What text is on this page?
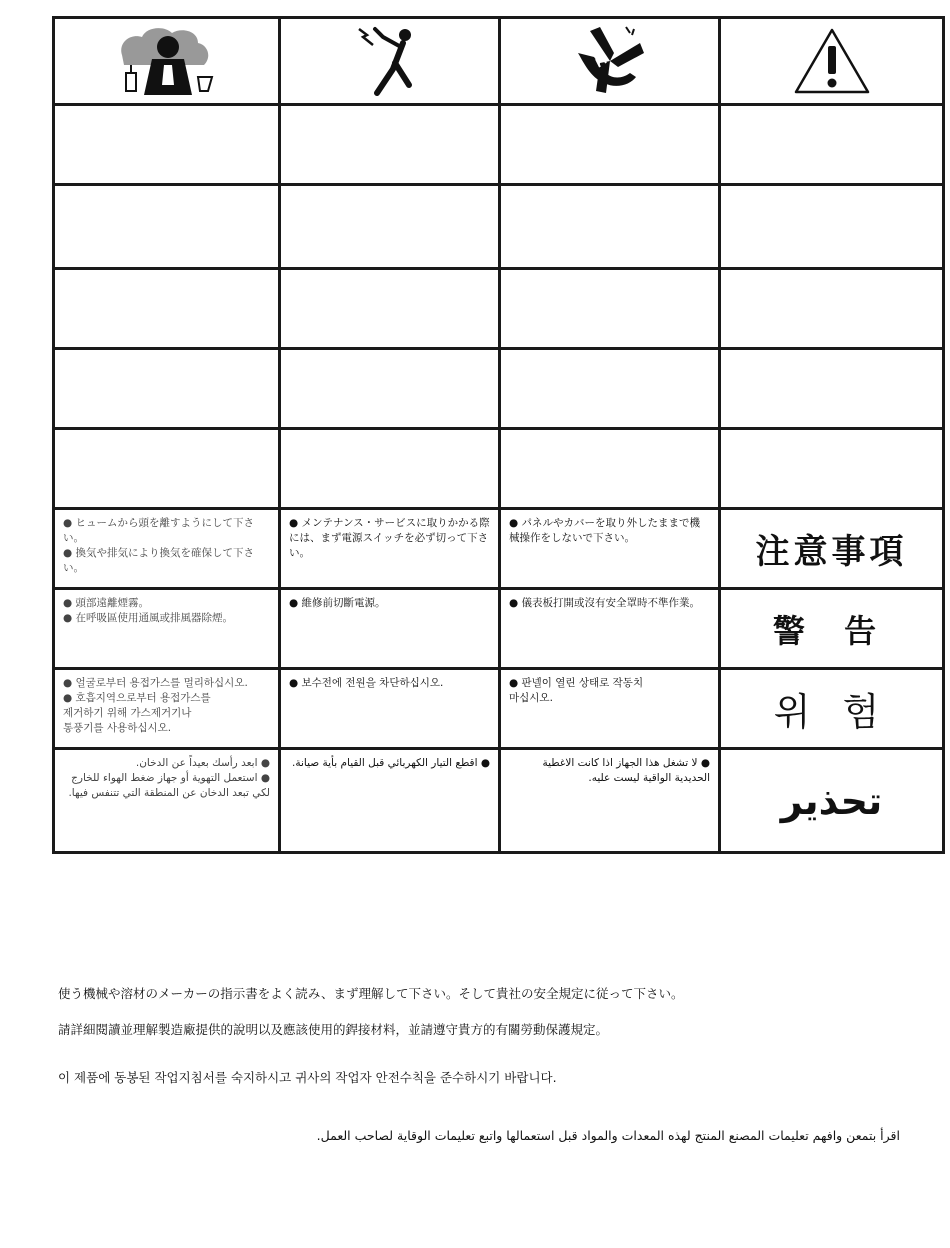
● ヒュームから頭を離すようにして下さい。
● 換気や排気により換気を確保して下さい。	● メンテナンス・サービスに取りかかる際には、まず電源スイッチを必ず切って下さい。	● パネルやカバーを取り外したままで機械操作をしないで下さい。	注意事項

● 頭部遠離煙霧。
● 在呼吸區使用通風或排風器除煙。	● 維修前切斷電源。	● 儀表板打開或沒有安全罩時不準作業。	警 告

● 얼굴로부터 용접가스를 멀리하십시오.
● 호흡지역으로부터 용접가스를
제거하기 위해 가스제거기나
통풍기를 사용하십시오.	● 보수전에 전원을 차단하십시오.	● 판넬이 열린 상태로 작동치
마십시오.	위 험

● ابعد رأسك بعيداً عن الدخان.
● استعمل التهوية أو جهاز ضغط الهواء للخارج لكي تبعد الدخان عن المنطقة التي تتنفس فيها.	● اقطع التيار الكهربائي قبل القيام بأية صيانة.	● لا تشغل هذا الجهاز اذا كانت الاغطية الحديدية الواقية ليست عليه.	تحذير
使う機械や溶材のメーカーの指示書をよく読み、まず理解して下さい。そして貴社の安全規定に従って下さい。
請詳細閱讀並理解製造廠提供的說明以及應該使用的銲接材料，並請遵守貴方的有關勞動保護規定。
이 제품에 동봉된 작업지침서를 숙지하시고 귀사의 작업자 안전수칙을 준수하시기 바랍니다.
اقرأ بتمعن وافهم تعليمات المصنع المنتج لهذه المعدات والمواد قبل استعمالها واتبع تعليمات الوقاية لصاحب العمل.
